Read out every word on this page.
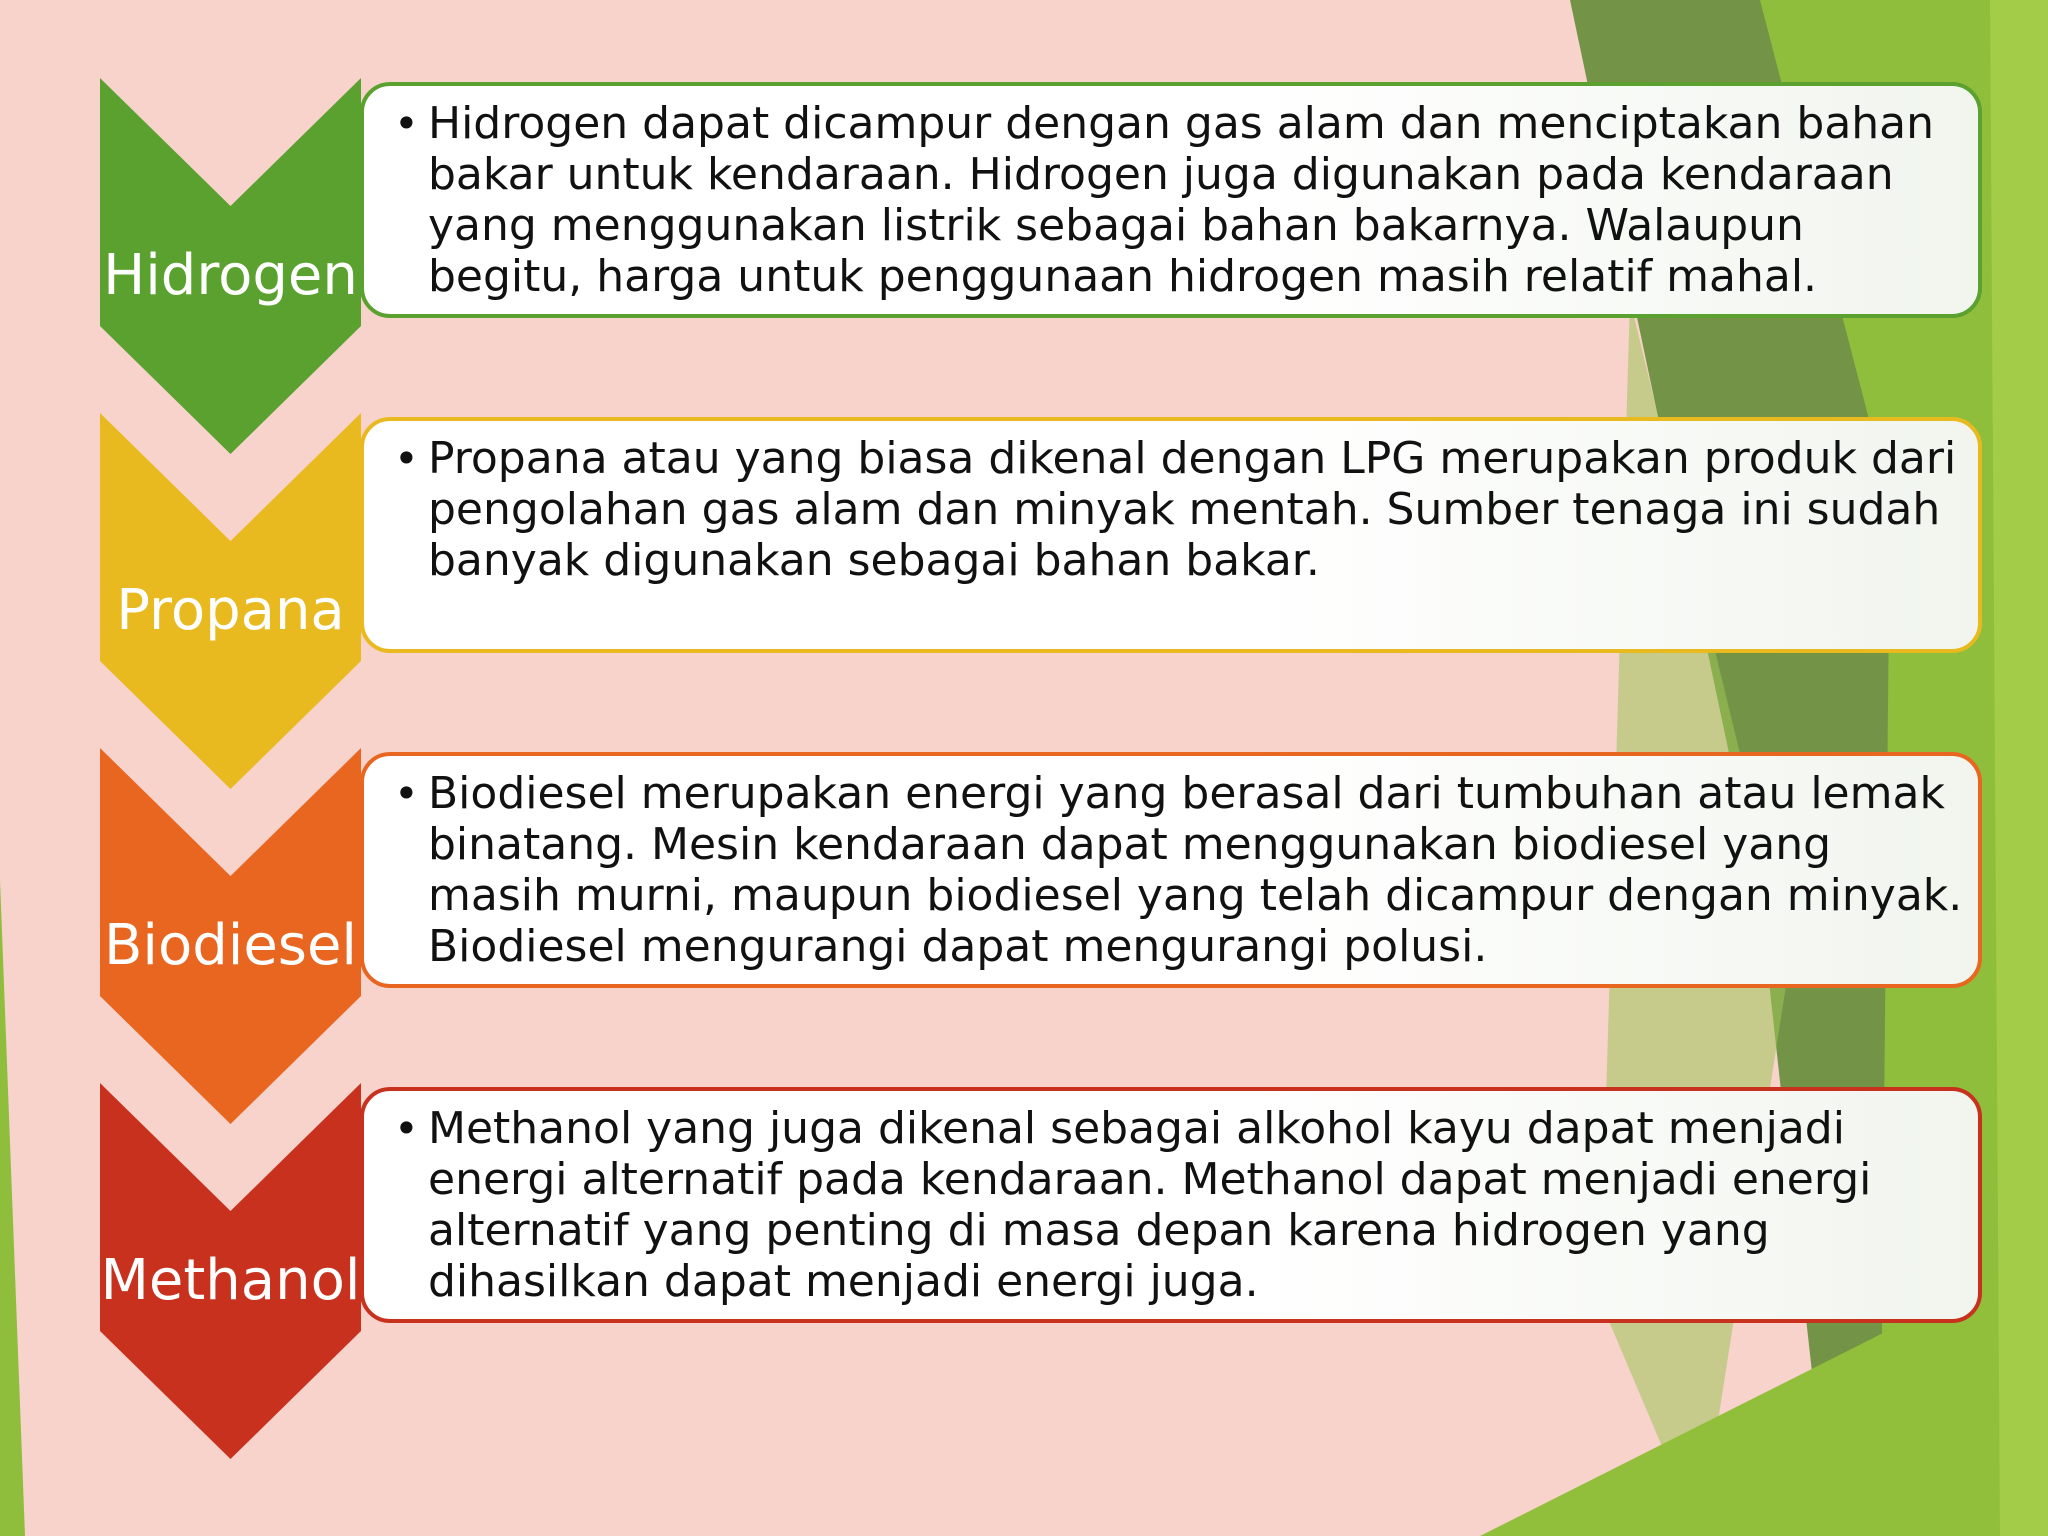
Hidrogen
• Hidrogen dapat dicampur dengan gas alam dan menciptakan bahan bakar untuk kendaraan. Hidrogen juga digunakan pada kendaraan yang menggunakan listrik sebagai bahan bakarnya. Walaupun begitu, harga untuk penggunaan hidrogen masih relatif mahal.
Propana
• Propana atau yang biasa dikenal dengan LPG merupakan produk dari pengolahan gas alam dan minyak mentah. Sumber tenaga ini sudah banyak digunakan sebagai bahan bakar.
Biodiesel
• Biodiesel merupakan energi yang berasal dari tumbuhan atau lemak binatang. Mesin kendaraan dapat menggunakan biodiesel yang masih murni, maupun biodiesel yang telah dicampur dengan minyak. Biodiesel mengurangi dapat mengurangi polusi.
Methanol
• Methanol yang juga dikenal sebagai alkohol kayu dapat menjadi energi alternatif pada kendaraan. Methanol dapat menjadi energi alternatif yang penting di masa depan karena hidrogen yang dihasilkan dapat menjadi energi juga.
